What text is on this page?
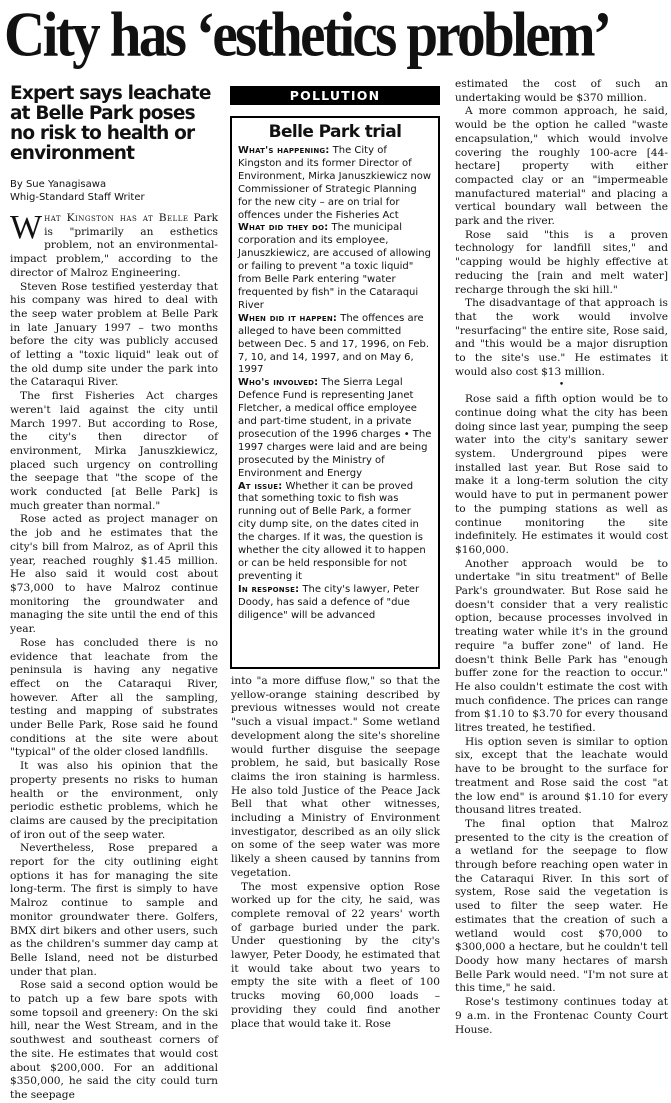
City has ‘esthetics problem’
Expert says leachate at Belle Park poses no risk to health or environment
By Sue Yanagisawa
Whig-Standard Staff Writer

What Kingston has at Belle Park is "primarily an esthetics problem, not an environmental-impact problem," according to the director of Malroz Engineering.

Steven Rose testified yesterday that his company was hired to deal with the seep water problem at Belle Park in late January 1997 – two months before the city was publicly accused of letting a "toxic liquid" leak out of the old dump site under the park into the Cataraqui River.

The first Fisheries Act charges weren't laid against the city until March 1997. But according to Rose, the city's then director of environment, Mirka Januszkiewicz, placed such urgency on controlling the seepage that "the scope of the work conducted [at Belle Park] is much greater than normal."

Rose acted as project manager on the job and he estimates that the city's bill from Malroz, as of April this year, reached roughly $1.45 million. He also said it would cost about $73,000 to have Malroz continue monitoring the groundwater and managing the site until the end of this year.

Rose has concluded there is no evidence that leachate from the peninsula is having any negative effect on the Cataraqui River, however. After all the sampling, testing and mapping of substrates under Belle Park, Rose said he found conditions at the site were about "typical" of the older closed landfills.

It was also his opinion that the property presents no risks to human health or the environment, only periodic esthetic problems, which he claims are caused by the precipitation of iron out of the seep water.

Nevertheless, Rose prepared a report for the city outlining eight options it has for managing the site long-term. The first is simply to have Malroz continue to sample and monitor groundwater there. Golfers, BMX dirt bikers and other users, such as the children's summer day camp at Belle Island, need not be disturbed under that plan.

Rose said a second option would be to patch up a few bare spots with some topsoil and greenery: On the ski hill, near the West Stream, and in the southwest and southeast corners of the site. He estimates that would cost about $200,000. For an additional $350,000, he said the city could turn the seepage

POLLUTION
Belle Park trial
What's happening: The City of Kingston and its former Director of Environment, Mirka Januszkiewicz now Commissioner of Strategic Planning for the new city – are on trial for offences under the Fisheries Act
What did they do: The municipal corporation and its employee, Januszkiewicz, are accused of allowing or failing to prevent "a toxic liquid" from Belle Park entering "water frequented by fish" in the Cataraqui River
When did it happen: The offences are alleged to have been committed between Dec. 5 and 17, 1996, on Feb. 7, 10, and 14, 1997, and on May 6, 1997
Who's involved: The Sierra Legal Defence Fund is representing Janet Fletcher, a medical office employee and part-time student, in a private prosecution of the 1996 charges • The 1997 charges were laid and are being prosecuted by the Ministry of Environment and Energy
At issue: Whether it can be proved that something toxic to fish was running out of Belle Park, a former city dump site, on the dates cited in the charges. If it was, the question is whether the city allowed it to happen or can be held responsible for not preventing it
In response: The city's lawyer, Peter Doody, has said a defence of "due diligence" will be advanced

into "a more diffuse flow," so that the yellow-orange staining described by previous witnesses would not create "such a visual impact." Some wetland development along the site's shoreline would further disguise the seepage problem, he said, but basically Rose claims the iron staining is harmless. He also told Justice of the Peace Jack Bell that what other witnesses, including a Ministry of Environment investigator, described as an oily slick on some of the seep water was more likely a sheen caused by tannins from vegetation.

The most expensive option Rose worked up for the city, he said, was complete removal of 22 years' worth of garbage buried under the park. Under questioning by the city's lawyer, Peter Doody, he estimated that it would take about two years to empty the site with a fleet of 100 trucks moving 60,000 loads – providing they could find another place that would take it. Rose

estimated the cost of such an undertaking would be $370 million.

A more common approach, he said, would be the option he called "waste encapsulation," which would involve covering the roughly 100-acre [44-hectare] property with either compacted clay or an "impermeable manufactured material" and placing a vertical boundary wall between the park and the river.

Rose said "this is a proven technology for landfill sites," and "capping would be highly effective at reducing the [rain and melt water] recharge through the ski hill."

The disadvantage of that approach is that the work would involve "resurfacing" the entire site, Rose said, and "this would be a major disruption to the site's use." He estimates it would also cost $13 million.

•

Rose said a fifth option would be to continue doing what the city has been doing since last year, pumping the seep water into the city's sanitary sewer system. Underground pipes were installed last year. But Rose said to make it a long-term solution the city would have to put in permanent power to the pumping stations as well as continue monitoring the site indefinitely. He estimates it would cost $160,000.

Another approach would be to undertake "in situ treatment" of Belle Park's groundwater. But Rose said he doesn't consider that a very realistic option, because processes involved in treating water while it's in the ground require "a buffer zone" of land. He doesn't think Belle Park has "enough buffer zone for the reaction to occur." He also couldn't estimate the cost with much confidence. The prices can range from $1.10 to $3.70 for every thousand litres treated, he testified.

His option seven is similar to option six, except that the leachate would have to be brought to the surface for treatment and Rose said the cost "at the low end" is around $1.10 for every thousand litres treated.

The final option that Malroz presented to the city is the creation of a wetland for the seepage to flow through before reaching open water in the Cataraqui River. In this sort of system, Rose said the vegetation is used to filter the seep water. He estimates that the creation of such a wetland would cost $70,000 to $300,000 a hectare, but he couldn't tell Doody how many hectares of marsh Belle Park would need. "I'm not sure at this time," he said.

Rose's testimony continues today at 9 a.m. in the Frontenac County Court House.
